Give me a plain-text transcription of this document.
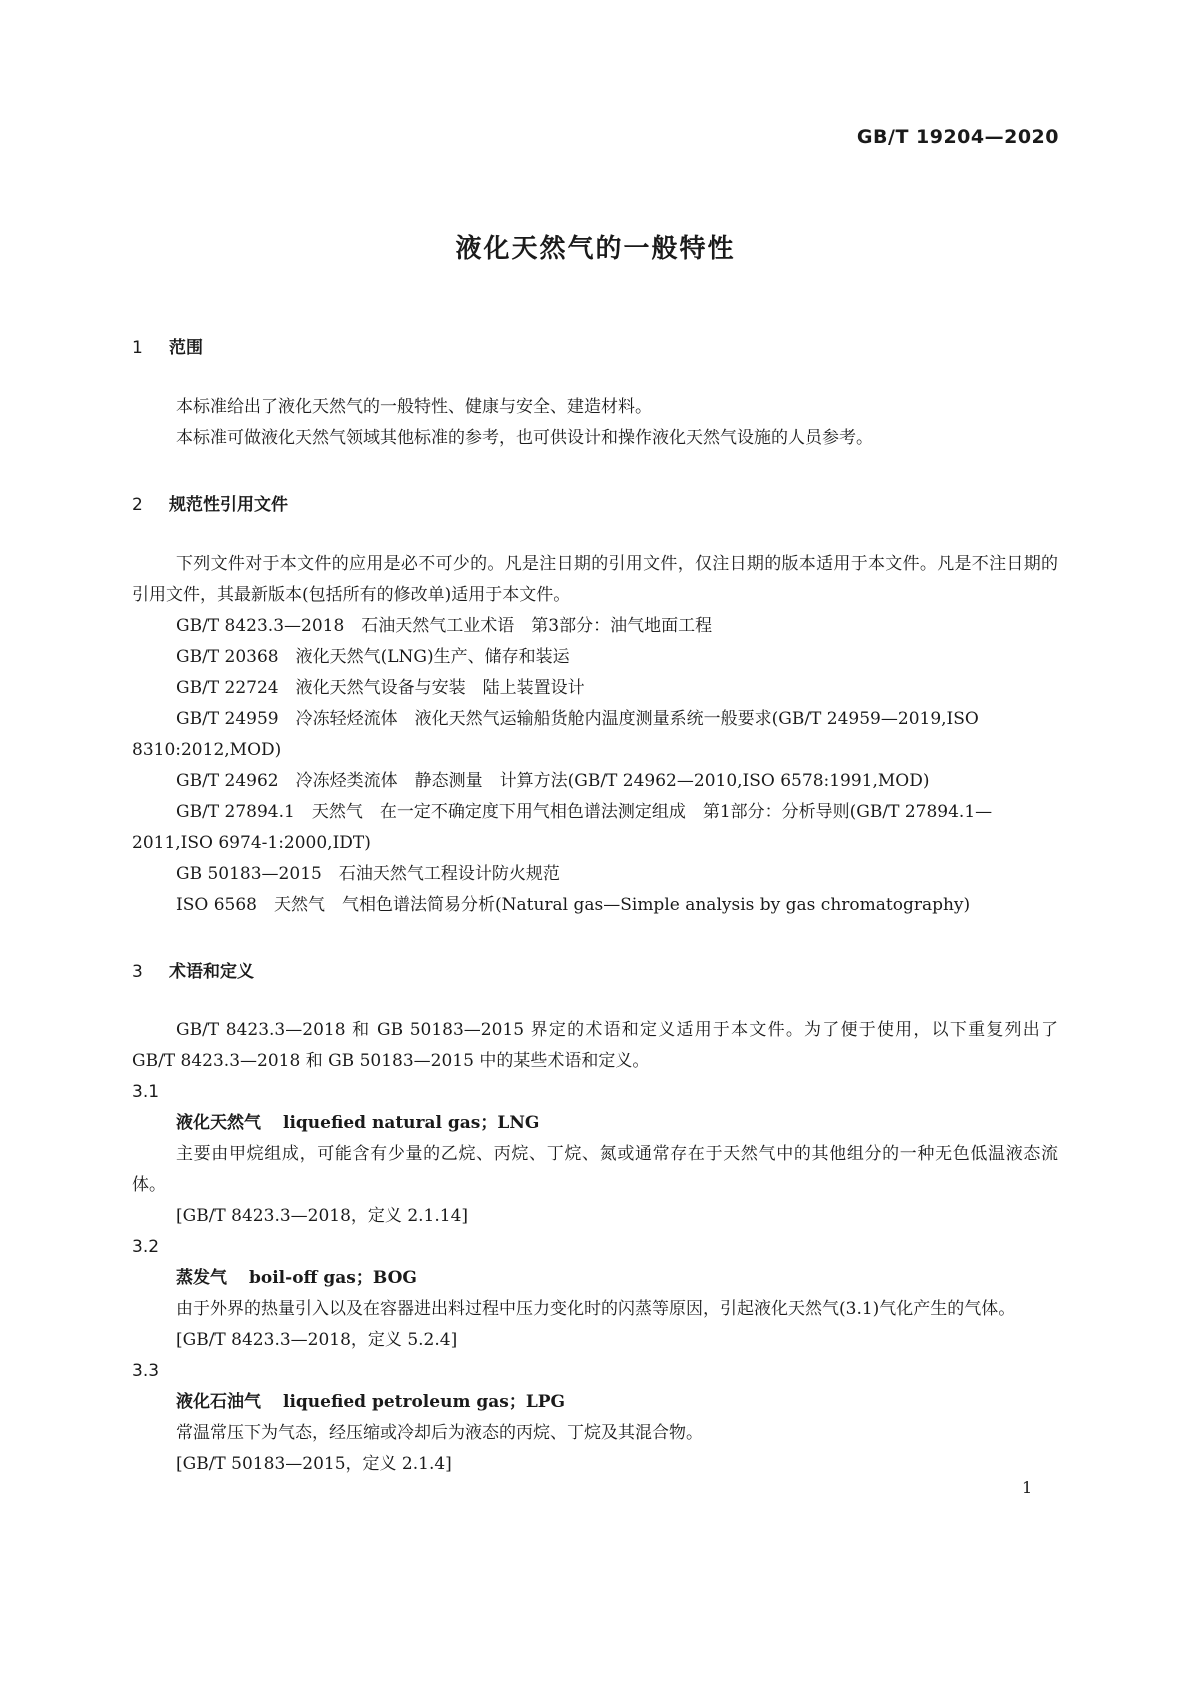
GB/T 19204—2020
液化天然气的一般特性
1 范围

本标准给出了液化天然气的一般特性、健康与安全、建造材料。

本标准可做液化天然气领域其他标准的参考，也可供设计和操作液化天然气设施的人员参考。

2 规范性引用文件

下列文件对于本文件的应用是必不可少的。凡是注日期的引用文件，仅注日期的版本适用于本文件。凡是不注日期的引用文件，其最新版本(包括所有的修改单)适用于本文件。

GB/T 8423.3—2018　石油天然气工业术语　第3部分：油气地面工程

GB/T 20368　液化天然气(LNG)生产、储存和装运

GB/T 22724　液化天然气设备与安装　陆上装置设计

GB/T 24959　冷冻轻烃流体　液化天然气运输船货舱内温度测量系统一般要求(GB/T 24959—2019,ISO 8310:2012,MOD)

GB/T 24962　冷冻烃类流体　静态测量　计算方法(GB/T 24962—2010,ISO 6578:1991,MOD)

GB/T 27894.1　天然气　在一定不确定度下用气相色谱法测定组成　第1部分：分析导则(GB/T 27894.1—2011,ISO 6974-1:2000,IDT)

GB 50183—2015　石油天然气工程设计防火规范

ISO 6568　天然气　气相色谱法简易分析(Natural gas—Simple analysis by gas chromatography)

3 术语和定义

GB/T 8423.3—2018 和 GB 50183—2015 界定的术语和定义适用于本文件。为了便于使用，以下重复列出了 GB/T 8423.3—2018 和 GB 50183—2015 中的某些术语和定义。

3.1

液化天然气 liquefied natural gas；LNG

主要由甲烷组成，可能含有少量的乙烷、丙烷、丁烷、氮或通常存在于天然气中的其他组分的一种无色低温液态流体。

[GB/T 8423.3—2018，定义 2.1.14]

3.2

蒸发气 boil-off gas；BOG

由于外界的热量引入以及在容器进出料过程中压力变化时的闪蒸等原因，引起液化天然气(3.1)气化产生的气体。

[GB/T 8423.3—2018，定义 5.2.4]

3.3

液化石油气 liquefied petroleum gas；LPG

常温常压下为气态，经压缩或冷却后为液态的丙烷、丁烷及其混合物。

[GB/T 50183—2015，定义 2.1.4]

1
